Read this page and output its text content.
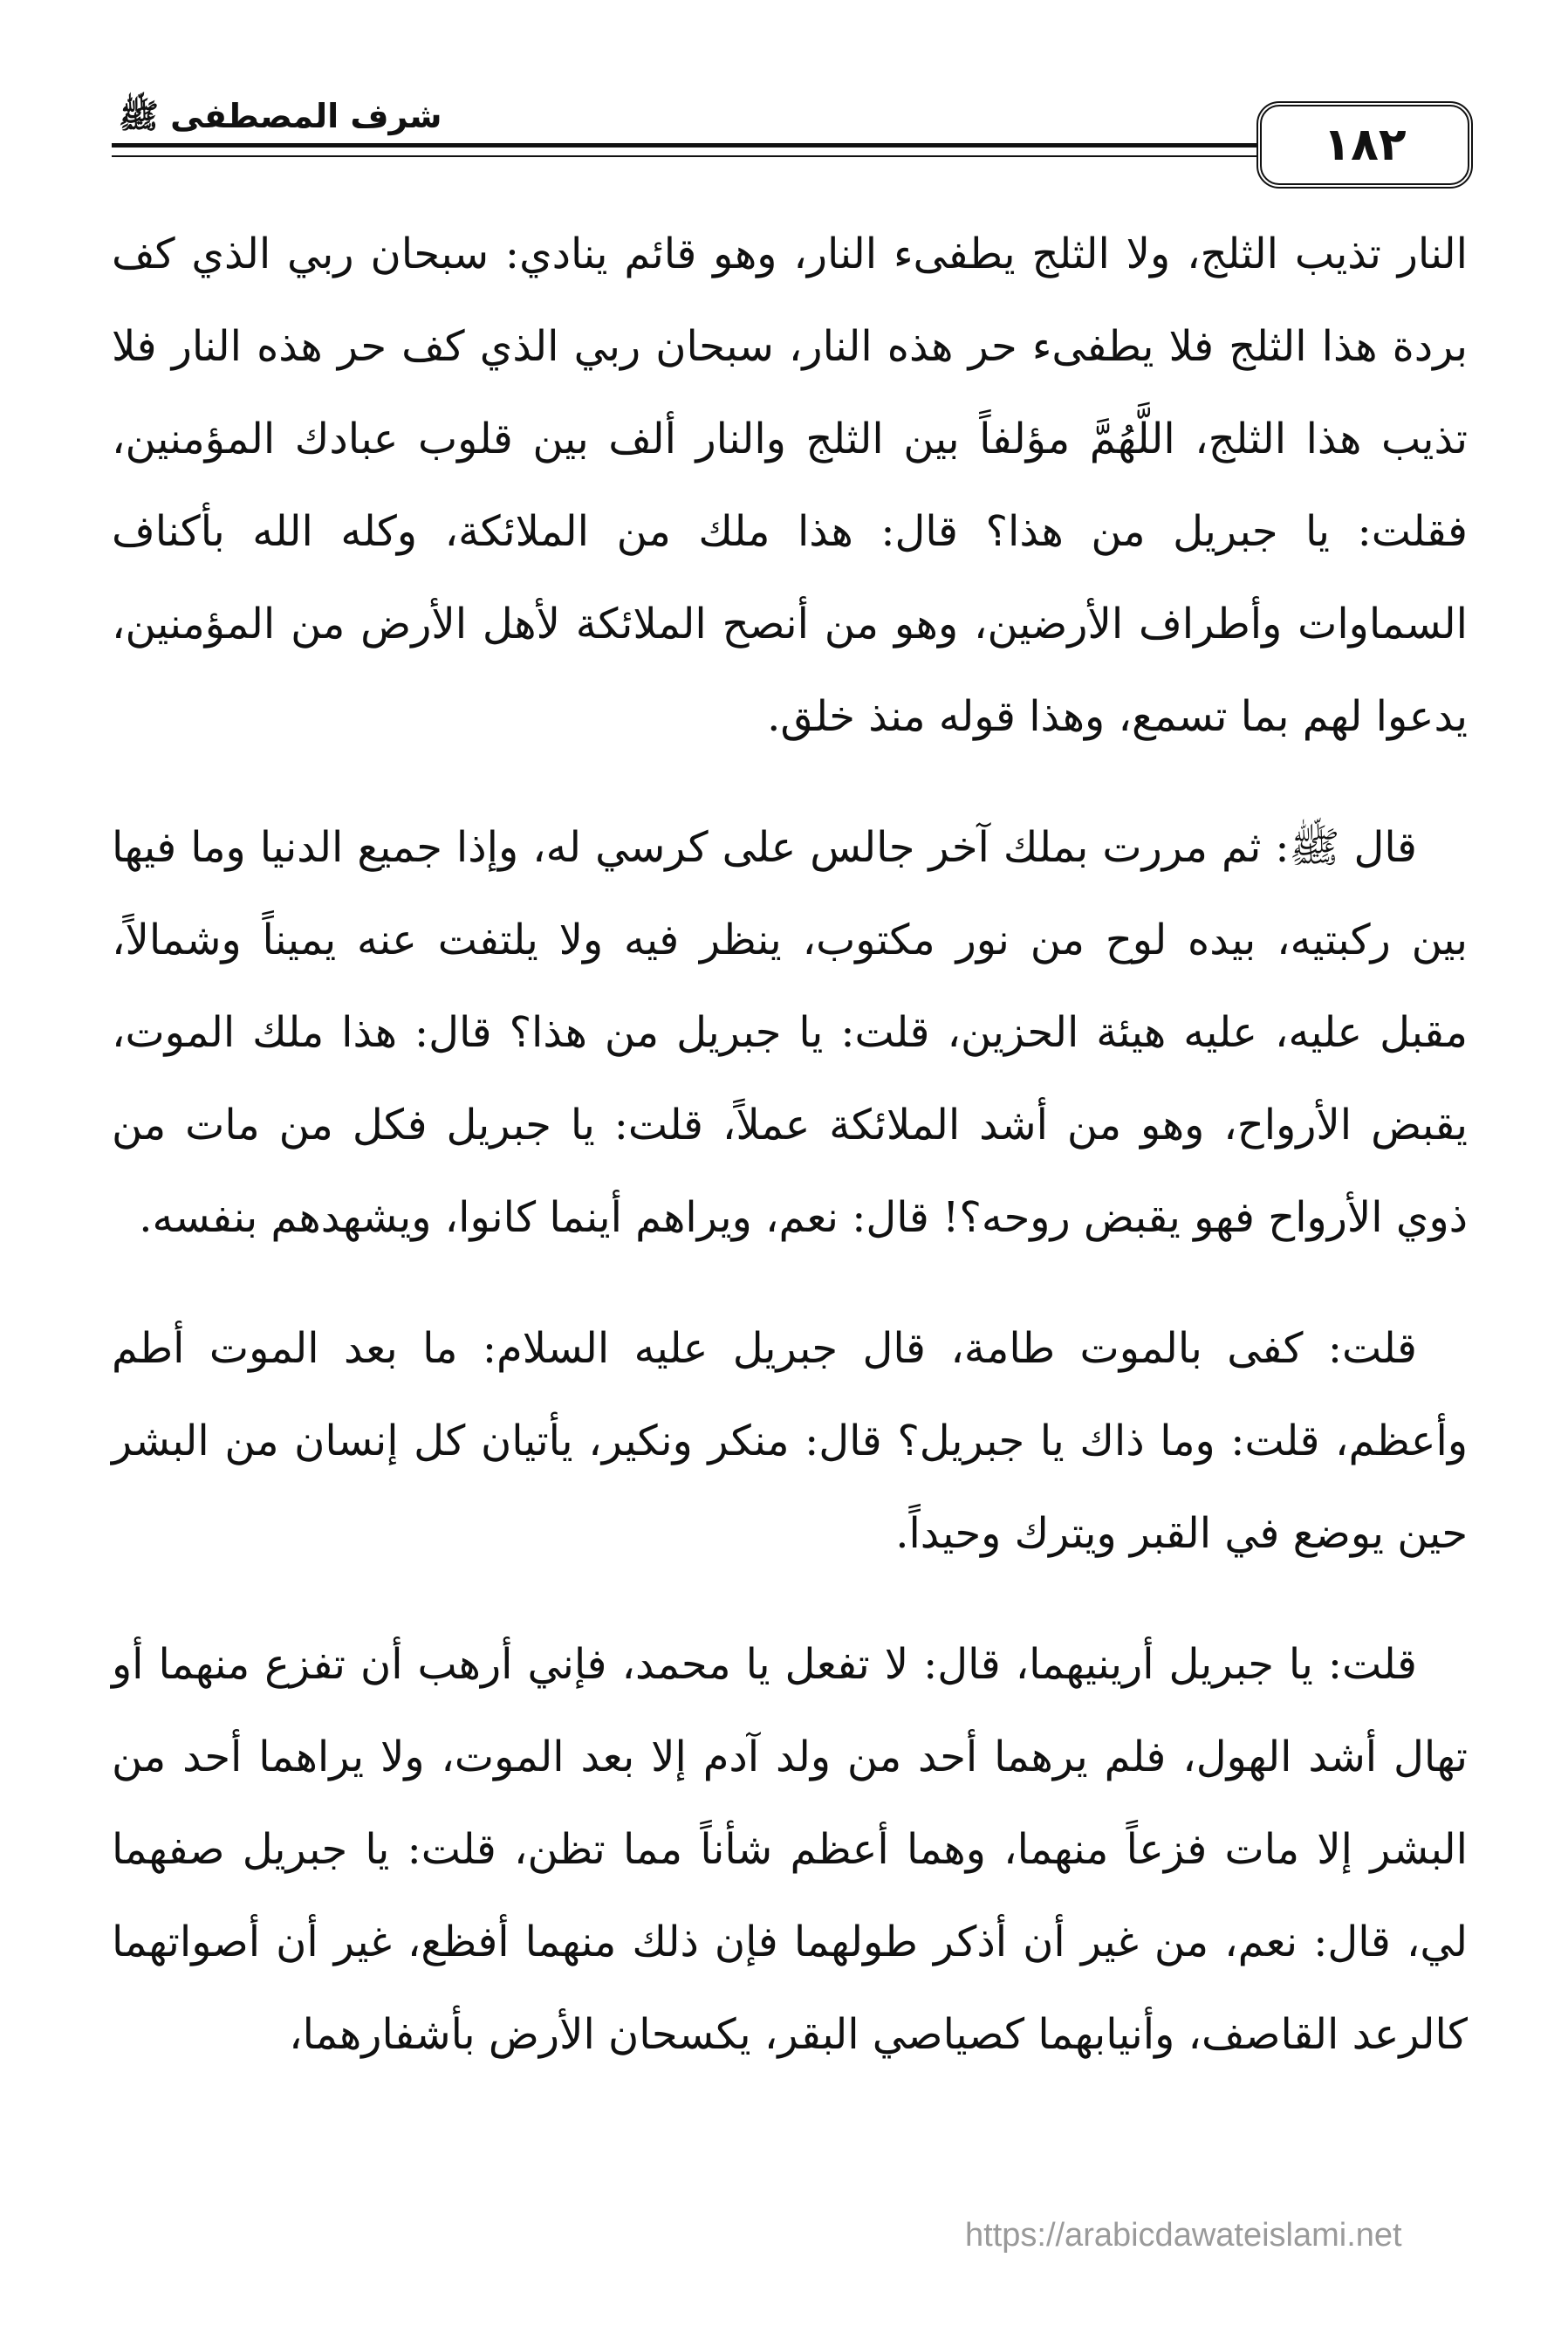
شرف المصطفى ﷺ
١٨٢

النار تذيب الثلج، ولا الثلج يطفىء النار، وهو قائم ينادي: سبحان ربي الذي كف بردة هذا الثلج فلا يطفىء حر هذه النار، سبحان ربي الذي كف حر هذه النار فلا تذيب هذا الثلج، اللَّهُمَّ مؤلفاً بين الثلج والنار ألف بين قلوب عبادك المؤمنين، فقلت: يا جبريل من هذا؟ قال: هذا ملك من الملائكة، وكله الله بأكناف السماوات وأطراف الأرضين، وهو من أنصح الملائكة لأهل الأرض من المؤمنين، يدعوا لهم بما تسمع، وهذا قوله منذ خلق.

قال ﷺ: ثم مررت بملك آخر جالس على كرسي له، وإذا جميع الدنيا وما فيها بين ركبتيه، بيده لوح من نور مكتوب، ينظر فيه ولا يلتفت عنه يميناً وشمالاً، مقبل عليه، عليه هيئة الحزين، قلت: يا جبريل من هذا؟ قال: هذا ملك الموت، يقبض الأرواح، وهو من أشد الملائكة عملاً، قلت: يا جبريل فكل من مات من ذوي الأرواح فهو يقبض روحه؟! قال: نعم، ويراهم أينما كانوا، ويشهدهم بنفسه.

قلت: كفى بالموت طامة، قال جبريل عليه السلام: ما بعد الموت أطم وأعظم، قلت: وما ذاك يا جبريل؟ قال: منكر ونكير، يأتيان كل إنسان من البشر حين يوضع في القبر ويترك وحيداً.

قلت: يا جبريل أرينيهما، قال: لا تفعل يا محمد، فإني أرهب أن تفزع منهما أو تهال أشد الهول، فلم يرهما أحد من ولد آدم إلا بعد الموت، ولا يراهما أحد من البشر إلا مات فزعاً منهما، وهما أعظم شأناً مما تظن، قلت: يا جبريل صفهما لي، قال: نعم، من غير أن أذكر طولهما فإن ذلك منهما أفظع، غير أن أصواتهما كالرعد القاصف، وأنيابهما كصياصي البقر، يكسحان الأرض بأشفارهما،

https://arabicdawateislami.net
